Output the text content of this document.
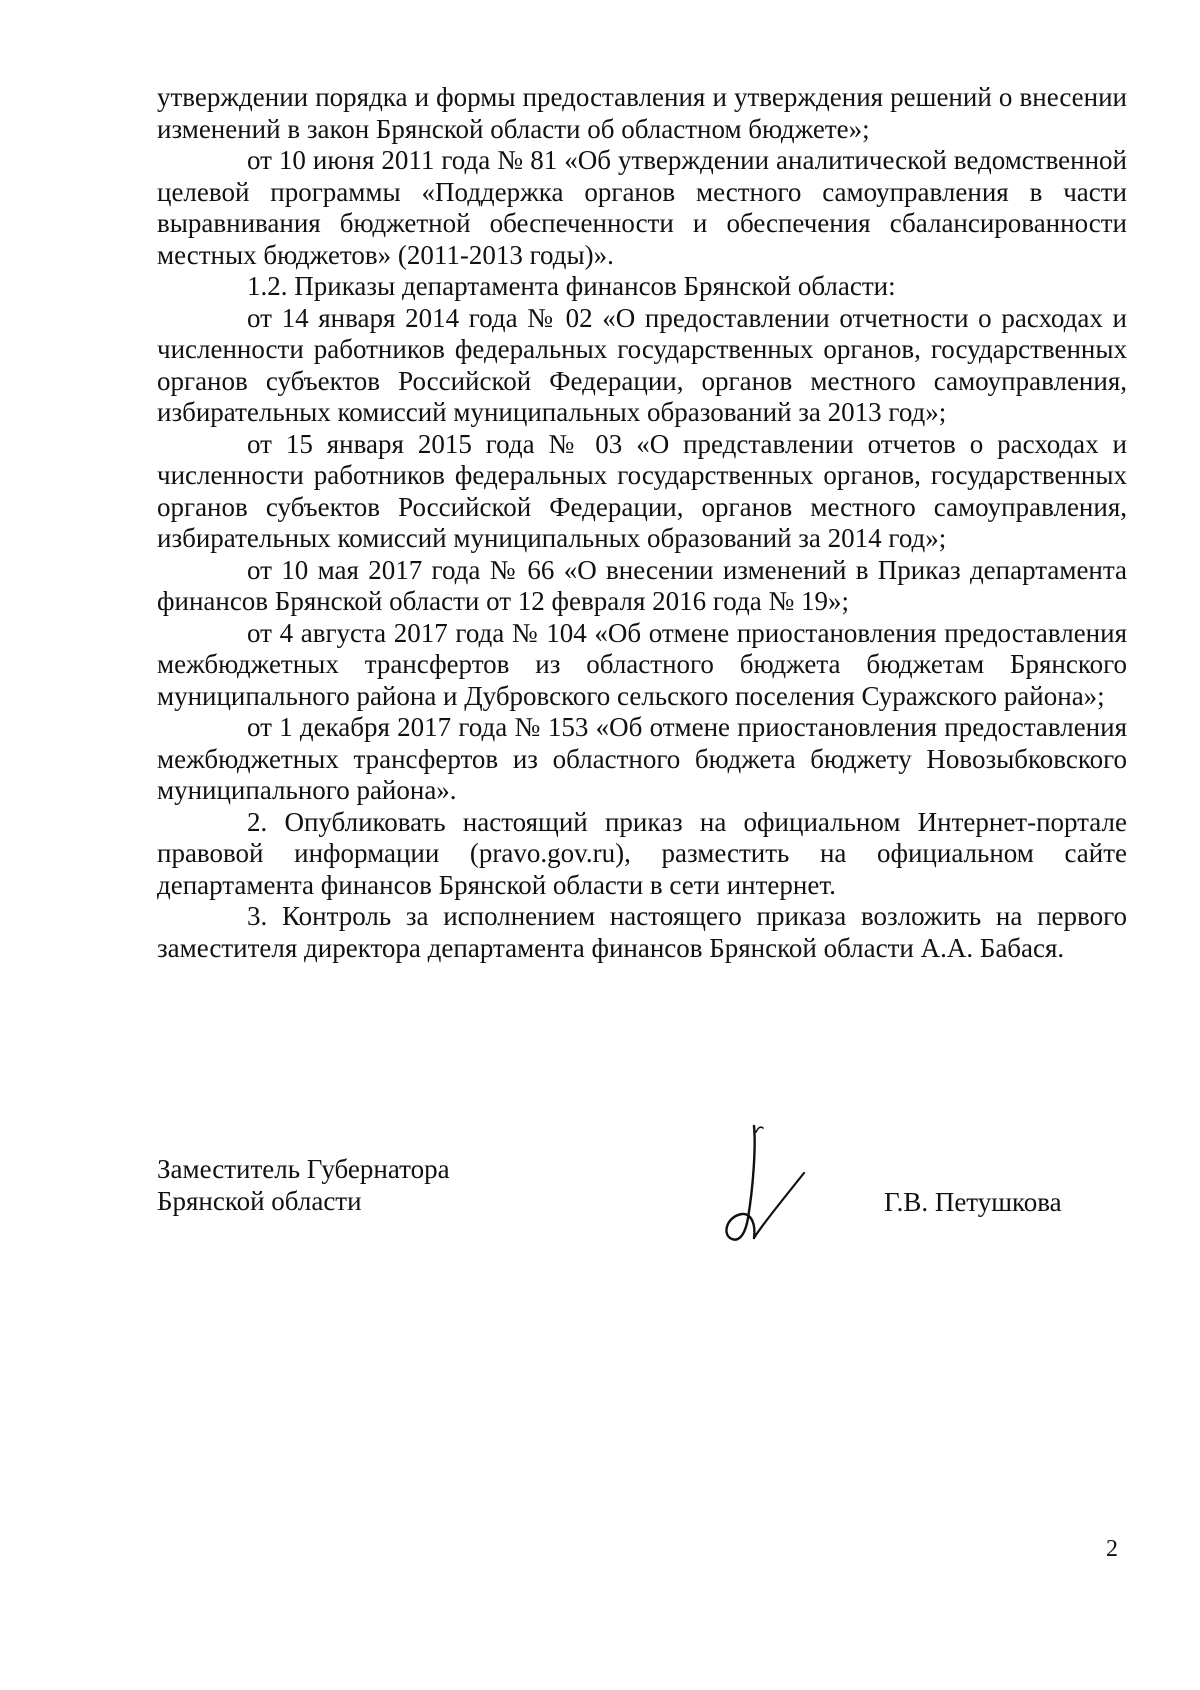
утверждении порядка и формы предоставления и утверждения решений о внесении изменений в закон Брянской области об областном бюджете»;

от 10 июня 2011 года № 81 «Об утверждении аналитической ведомственной целевой программы «Поддержка органов местного самоуправления в части выравнивания бюджетной обеспеченности и обеспечения сбалансированности местных бюджетов» (2011-2013 годы)».

1.2. Приказы департамента финансов Брянской области:

от 14 января 2014 года № 02 «О предоставлении отчетности о расходах и численности работников федеральных государственных органов, государственных органов субъектов Российской Федерации, органов местного самоуправления, избирательных комиссий муниципальных образований за 2013 год»;

от 15 января 2015 года № 03 «О представлении отчетов о расходах и численности работников федеральных государственных органов, государственных органов субъектов Российской Федерации, органов местного самоуправления, избирательных комиссий муниципальных образований за 2014 год»;

от 10 мая 2017 года № 66 «О внесении изменений в Приказ департамента финансов Брянской области от 12 февраля 2016 года № 19»;

от 4 августа 2017 года № 104 «Об отмене приостановления предоставления межбюджетных трансфертов из областного бюджета бюджетам Брянского муниципального района и Дубровского сельского поселения Суражского района»;

от 1 декабря 2017 года № 153 «Об отмене приостановления предоставления межбюджетных трансфертов из областного бюджета бюджету Новозыбковского муниципального района».

2. Опубликовать настоящий приказ на официальном Интернет-портале правовой информации (pravo.gov.ru), разместить на официальном сайте департамента финансов Брянской области в сети интернет.

3. Контроль за исполнением настоящего приказа возложить на первого заместителя директора департамента финансов Брянской области А.А. Бабася.

Заместитель Губернатора
Брянской области	Г.В. Петушкова
2
